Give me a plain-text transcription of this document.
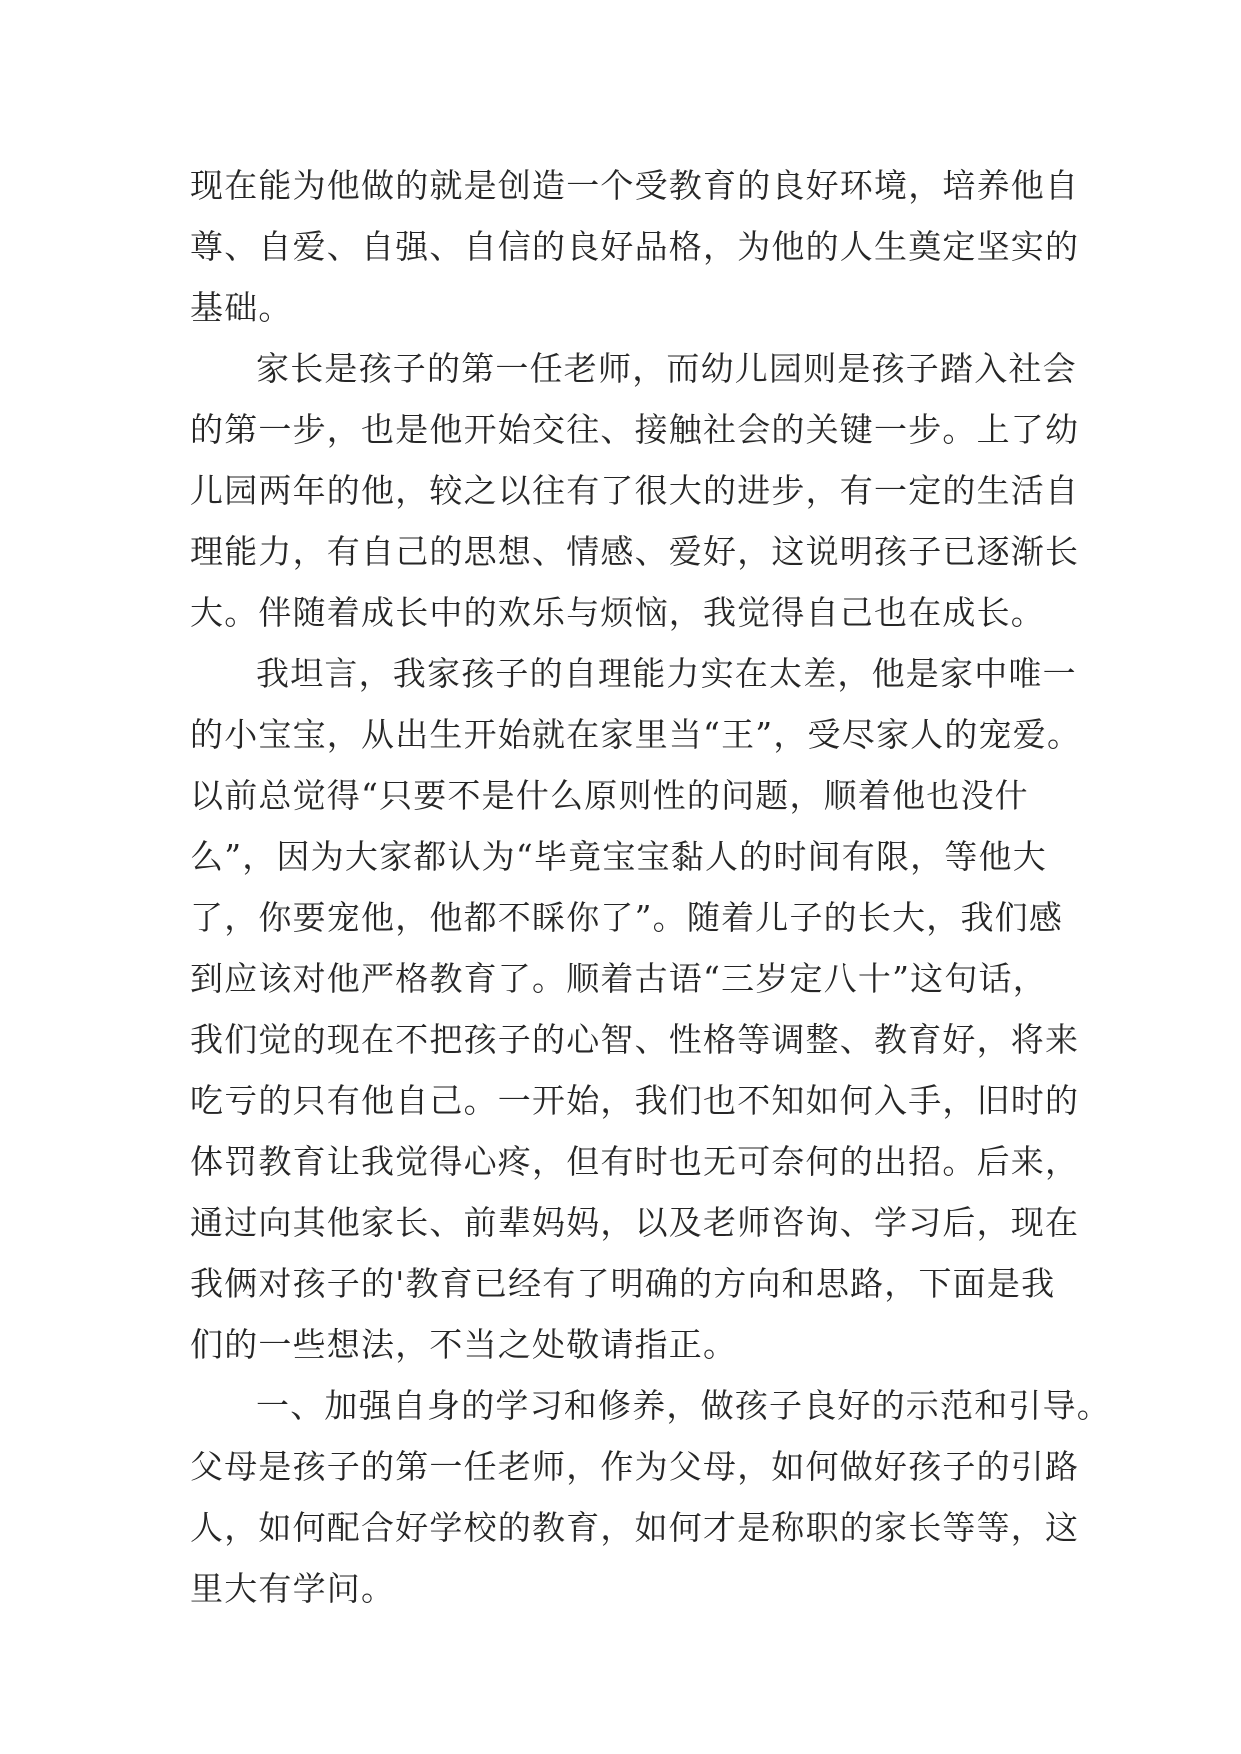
现在能为他做的就是创造一个受教育的良好环境，培养他自
尊、自爱、自强、自信的良好品格，为他的人生奠定坚实的
基础。
家长是孩子的第一任老师，而幼儿园则是孩子踏入社会
的第一步，也是他开始交往、接触社会的关键一步。上了幼
儿园两年的他，较之以往有了很大的进步，有一定的生活自
理能力，有自己的思想、情感、爱好，这说明孩子已逐渐长
大。伴随着成长中的欢乐与烦恼，我觉得自己也在成长。
我坦言，我家孩子的自理能力实在太差，他是家中唯一
的小宝宝，从出生开始就在家里当“王”，受尽家人的宠爱。
以前总觉得“只要不是什么原则性的问题，顺着他也没什
么”，因为大家都认为“毕竟宝宝黏人的时间有限，等他大
了，你要宠他，他都不睬你了”。随着儿子的长大，我们感
到应该对他严格教育了。顺着古语“三岁定八十”这句话，
我们觉的现在不把孩子的心智、性格等调整、教育好，将来
吃亏的只有他自己。一开始，我们也不知如何入手，旧时的
体罚教育让我觉得心疼，但有时也无可奈何的出招。后来，
通过向其他家长、前辈妈妈，以及老师咨询、学习后，现在
我俩对孩子的'教育已经有了明确的方向和思路，下面是我
们的一些想法，不当之处敬请指正。
一、加强自身的学习和修养，做孩子良好的示范和引导。
父母是孩子的第一任老师，作为父母，如何做好孩子的引路
人，如何配合好学校的教育，如何才是称职的家长等等，这
里大有学问。
